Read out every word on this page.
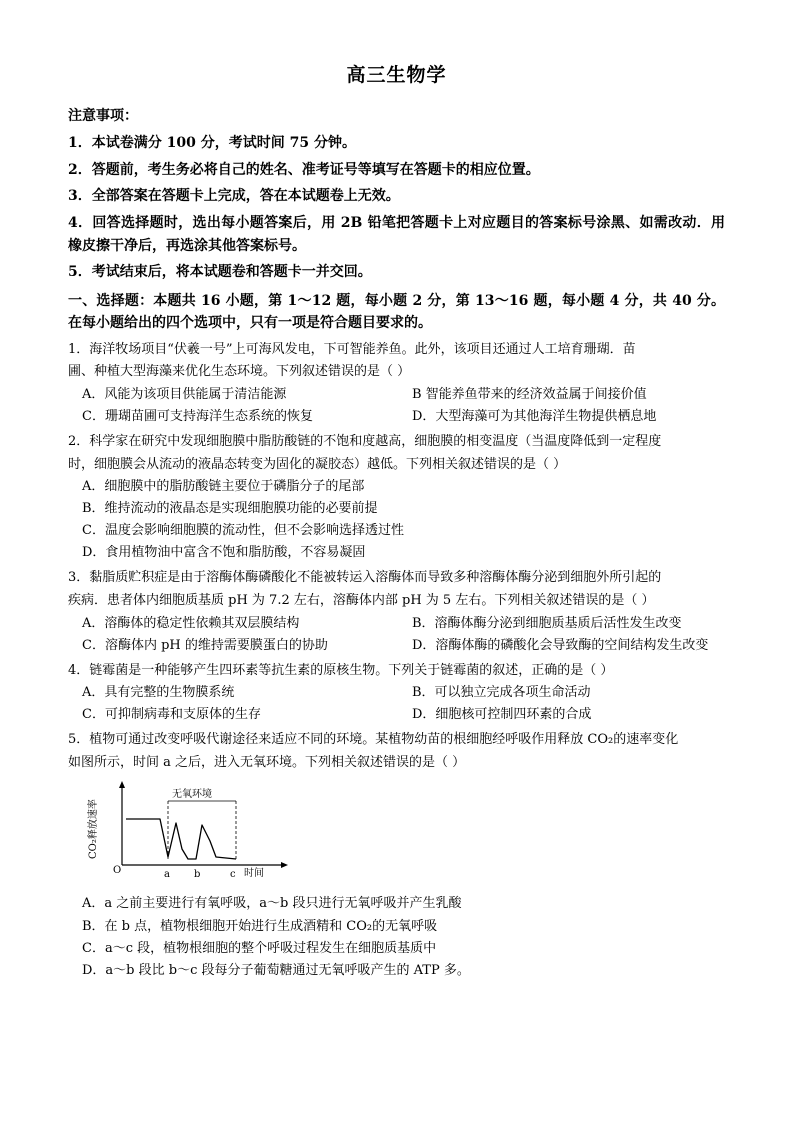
高三生物学
注意事项：
1．本试卷满分 100 分，考试时间 75 分钟。
2．答题前，考生务必将自己的姓名、准考证号等填写在答题卡的相应位置。
3．全部答案在答题卡上完成，答在本试题卷上无效。
4．回答选择题时，选出每小题答案后，用 2B 铅笔把答题卡上对应题目的答案标号涂黑、如需改动．用橡皮擦干净后，再选涂其他答案标号。
5．考试结束后，将本试题卷和答题卡一并交回。
一、选择题：本题共 16 小题，第 1～12 题，每小题 2 分，第 13～16 题，每小题 4 分，共 40 分。在每小题给出的四个选项中，只有一项是符合题目要求的。
1．海洋牧场项目“伏羲一号”上可海风发电，下可智能养鱼。此外，该项目还通过人工培育珊瑚．苗
圃、种植大型海藻来优化生态环境。下列叙述错误的是（ ）
A．风能为该项目供能属于清洁能源	B 智能养鱼带来的经济效益属于间接价值
C．珊瑚苗圃可支持海洋生态系统的恢复	D．大型海藻可为其他海洋生物提供栖息地
2．科学家在研究中发现细胞膜中脂肪酸链的不饱和度越高，细胞膜的相变温度（当温度降低到一定程度
时，细胞膜会从流动的液晶态转变为固化的凝胶态）越低。下列相关叙述错误的是（ ）
A．细胞膜中的脂肪酸链主要位于磷脂分子的尾部
B．维持流动的液晶态是实现细胞膜功能的必要前提
C．温度会影响细胞膜的流动性，但不会影响选择透过性
D．食用植物油中富含不饱和脂肪酸，不容易凝固
3．黏脂质贮积症是由于溶酶体酶磷酸化不能被转运入溶酶体而导致多种溶酶体酶分泌到细胞外所引起的
疾病．患者体内细胞质基质 pH 为 7.2 左右，溶酶体内部 pH 为 5 左右。下列相关叙述错误的是（ ）
A．溶酶体的稳定性依赖其双层膜结构	B．溶酶体酶分泌到细胞质基质后活性发生改变
C．溶酶体内 pH 的维持需要膜蛋白的协助	D．溶酶体酶的磷酸化会导致酶的空间结构发生改变
4．链霉菌是一种能够产生四环素等抗生素的原核生物。下列关于链霉菌的叙述，正确的是（ ）
A．具有完整的生物膜系统	B．可以独立完成各项生命活动
C．可抑制病毒和支原体的生存	D．细胞核可控制四环素的合成
5．植物可通过改变呼吸代谢途径来适应不同的环境。某植物幼苗的根细胞经呼吸作用释放 CO₂的速率变化
如图所示，时间 a 之后，进入无氧环境。下列相关叙述错误的是（ ）
O	a b	c 时间
无氧环境
CO₂释放速率
A．a 之前主要进行有氧呼吸，a～b 段只进行无氧呼吸并产生乳酸
B．在 b 点，植物根细胞开始进行生成酒精和 CO₂的无氧呼吸
C．a～c 段，植物根细胞的整个呼吸过程发生在细胞质基质中
D．a～b 段比 b～c 段每分子葡萄糖通过无氧呼吸产生的 ATP 多。
